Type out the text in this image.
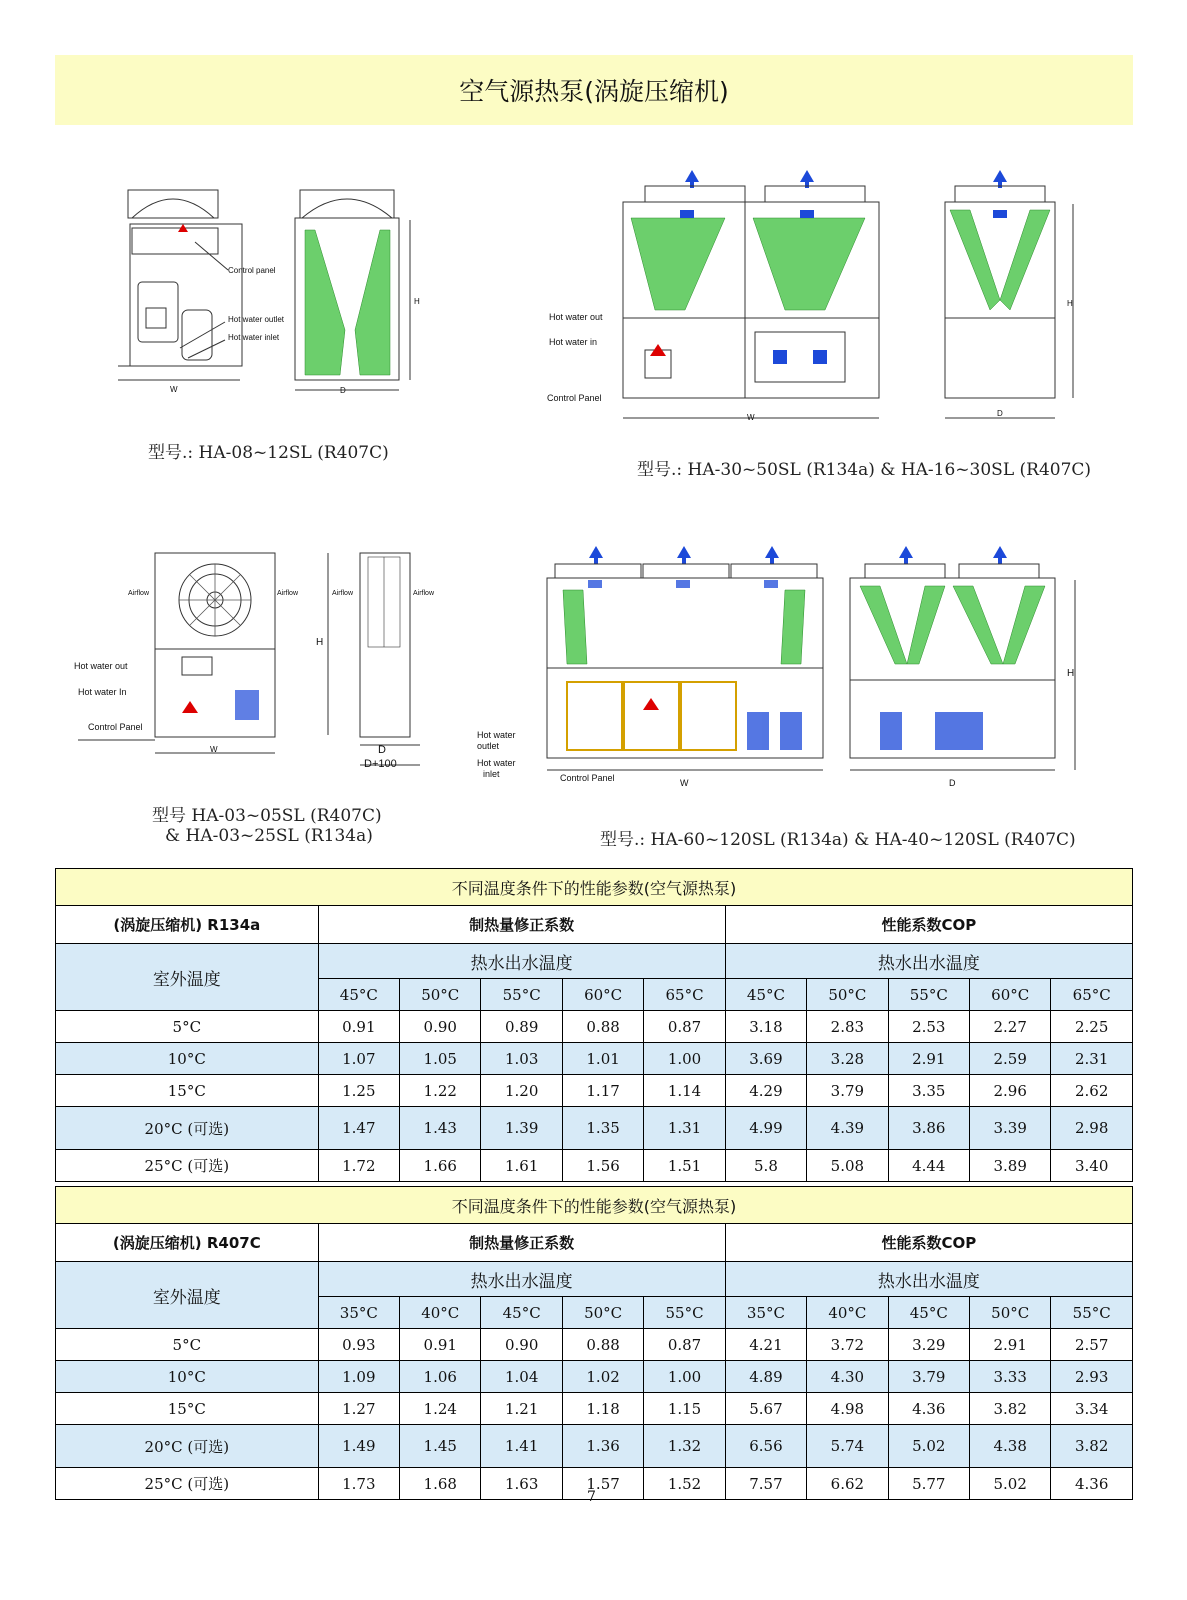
空气源热泵(涡旋压缩机)
Control panel
Hot water outlet
Hot water inlet
W	D
H
型号.: HA-08~12SL (R407C)
Hot water out
Hot water in
Control Panel
W	D
H
型号.: HA-30~50SL (R134a) & HA-16~30SL (R407C)
Airflow	Airflow	Airflow	Airflow
Hot water out
Hot water In
Control Panel
W
H
D
D+100
型号 HA-03~05SL (R407C)
& HA-03~25SL (R134a)
Hot water
outlet
Hot water
inlet	Control Panel	W	D
H
型号.: HA-60~120SL (R134a) & HA-40~120SL (R407C)
不同温度条件下的性能参数(空气源热泵)										
(涡旋压缩机) R134a	制热量修正系数					性能系数COP				
室外温度	热水出水温度					热水出水温度				
	45°C	50°C	55°C	60°C	65°C	45°C	50°C	55°C	60°C	65°C
5°C	0.91	0.90	0.89	0.88	0.87	3.18	2.83	2.53	2.27	2.25
10°C	1.07	1.05	1.03	1.01	1.00	3.69	3.28	2.91	2.59	2.31
15°C	1.25	1.22	1.20	1.17	1.14	4.29	3.79	3.35	2.96	2.62
20°C (可选)	1.47	1.43	1.39	1.35	1.31	4.99	4.39	3.86	3.39	2.98
25°C (可选)	1.72	1.66	1.61	1.56	1.51	5.8	5.08	4.44	3.89	3.40
不同温度条件下的性能参数(空气源热泵)										
(涡旋压缩机) R407C	制热量修正系数					性能系数COP				
室外温度	热水出水温度					热水出水温度				
	35°C	40°C	45°C	50°C	55°C	35°C	40°C	45°C	50°C	55°C
5°C	0.93	0.91	0.90	0.88	0.87	4.21	3.72	3.29	2.91	2.57
10°C	1.09	1.06	1.04	1.02	1.00	4.89	4.30	3.79	3.33	2.93
15°C	1.27	1.24	1.21	1.18	1.15	5.67	4.98	4.36	3.82	3.34
20°C (可选)	1.49	1.45	1.41	1.36	1.32	6.56	5.74	5.02	4.38	3.82
25°C (可选)	1.73	1.68	1.63	1.57	1.52	7.57	6.62	5.77	5.02	4.36
7
